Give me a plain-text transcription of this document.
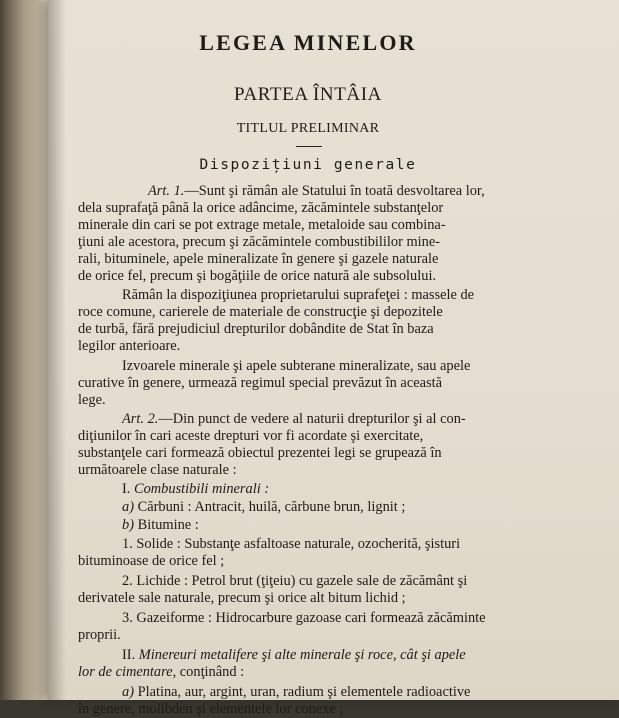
LEGEA MINELOR
PARTEA ÎNTÂIA
TITLUL PRELIMINAR
Dispozițiuni generale
Art. 1.—Sunt şi rămân ale Statului în toată desvoltarea lor,
dela suprafaţă până la orice adâncime, zăcămintele substanţelor
minerale din cari se pot extrage metale, metaloide sau combina-
ţiuni ale acestora, precum şi zăcămintele combustibililor mine-
rali, bituminele, apele mineralizate în genere şi gazele naturale
de orice fel, precum şi bogăţiile de orice natură ale subsolului.
Rămân la dispoziţiunea proprietarului suprafeţei : massele de
roce comune, carierele de materiale de construcţie şi depozitele
de turbă, fără prejudiciul drepturilor dobândite de Stat în baza
legilor anterioare.
Izvoarele minerale şi apele subterane mineralizate, sau apele
curative în genere, urmează regimul special prevăzut în această
lege.
Art. 2.—Din punct de vedere al naturii drepturilor şi al con-
diţiunilor în cari aceste drepturi vor fi acordate şi exercitate,
substanţele cari formează obiectul prezentei legi se grupează în
următoarele clase naturale :
I. Combustibili minerali :
a) Cărbuni : Antracit, huilă, cărbune brun, lignit ;
b) Bitumine :
1. Solide : Substanţe asfaltoase naturale, ozocherită, şisturi
bituminoase de orice fel ;
2. Lichide : Petrol brut (ţiţeiu) cu gazele sale de zăcământ şi
derivatele sale naturale, precum şi orice alt bitum lichid ;
3. Gazeiforme : Hidrocarbure gazoase cari formează zăcăminte
proprii.
II. Minereuri metalifere şi alte minerale şi roce, cât şi apele
lor de cimentare, conţinând :
a) Platina, aur, argint, uran, radium şi elementele radioactive
în genere, molibden şi elementele lor conexe ;
